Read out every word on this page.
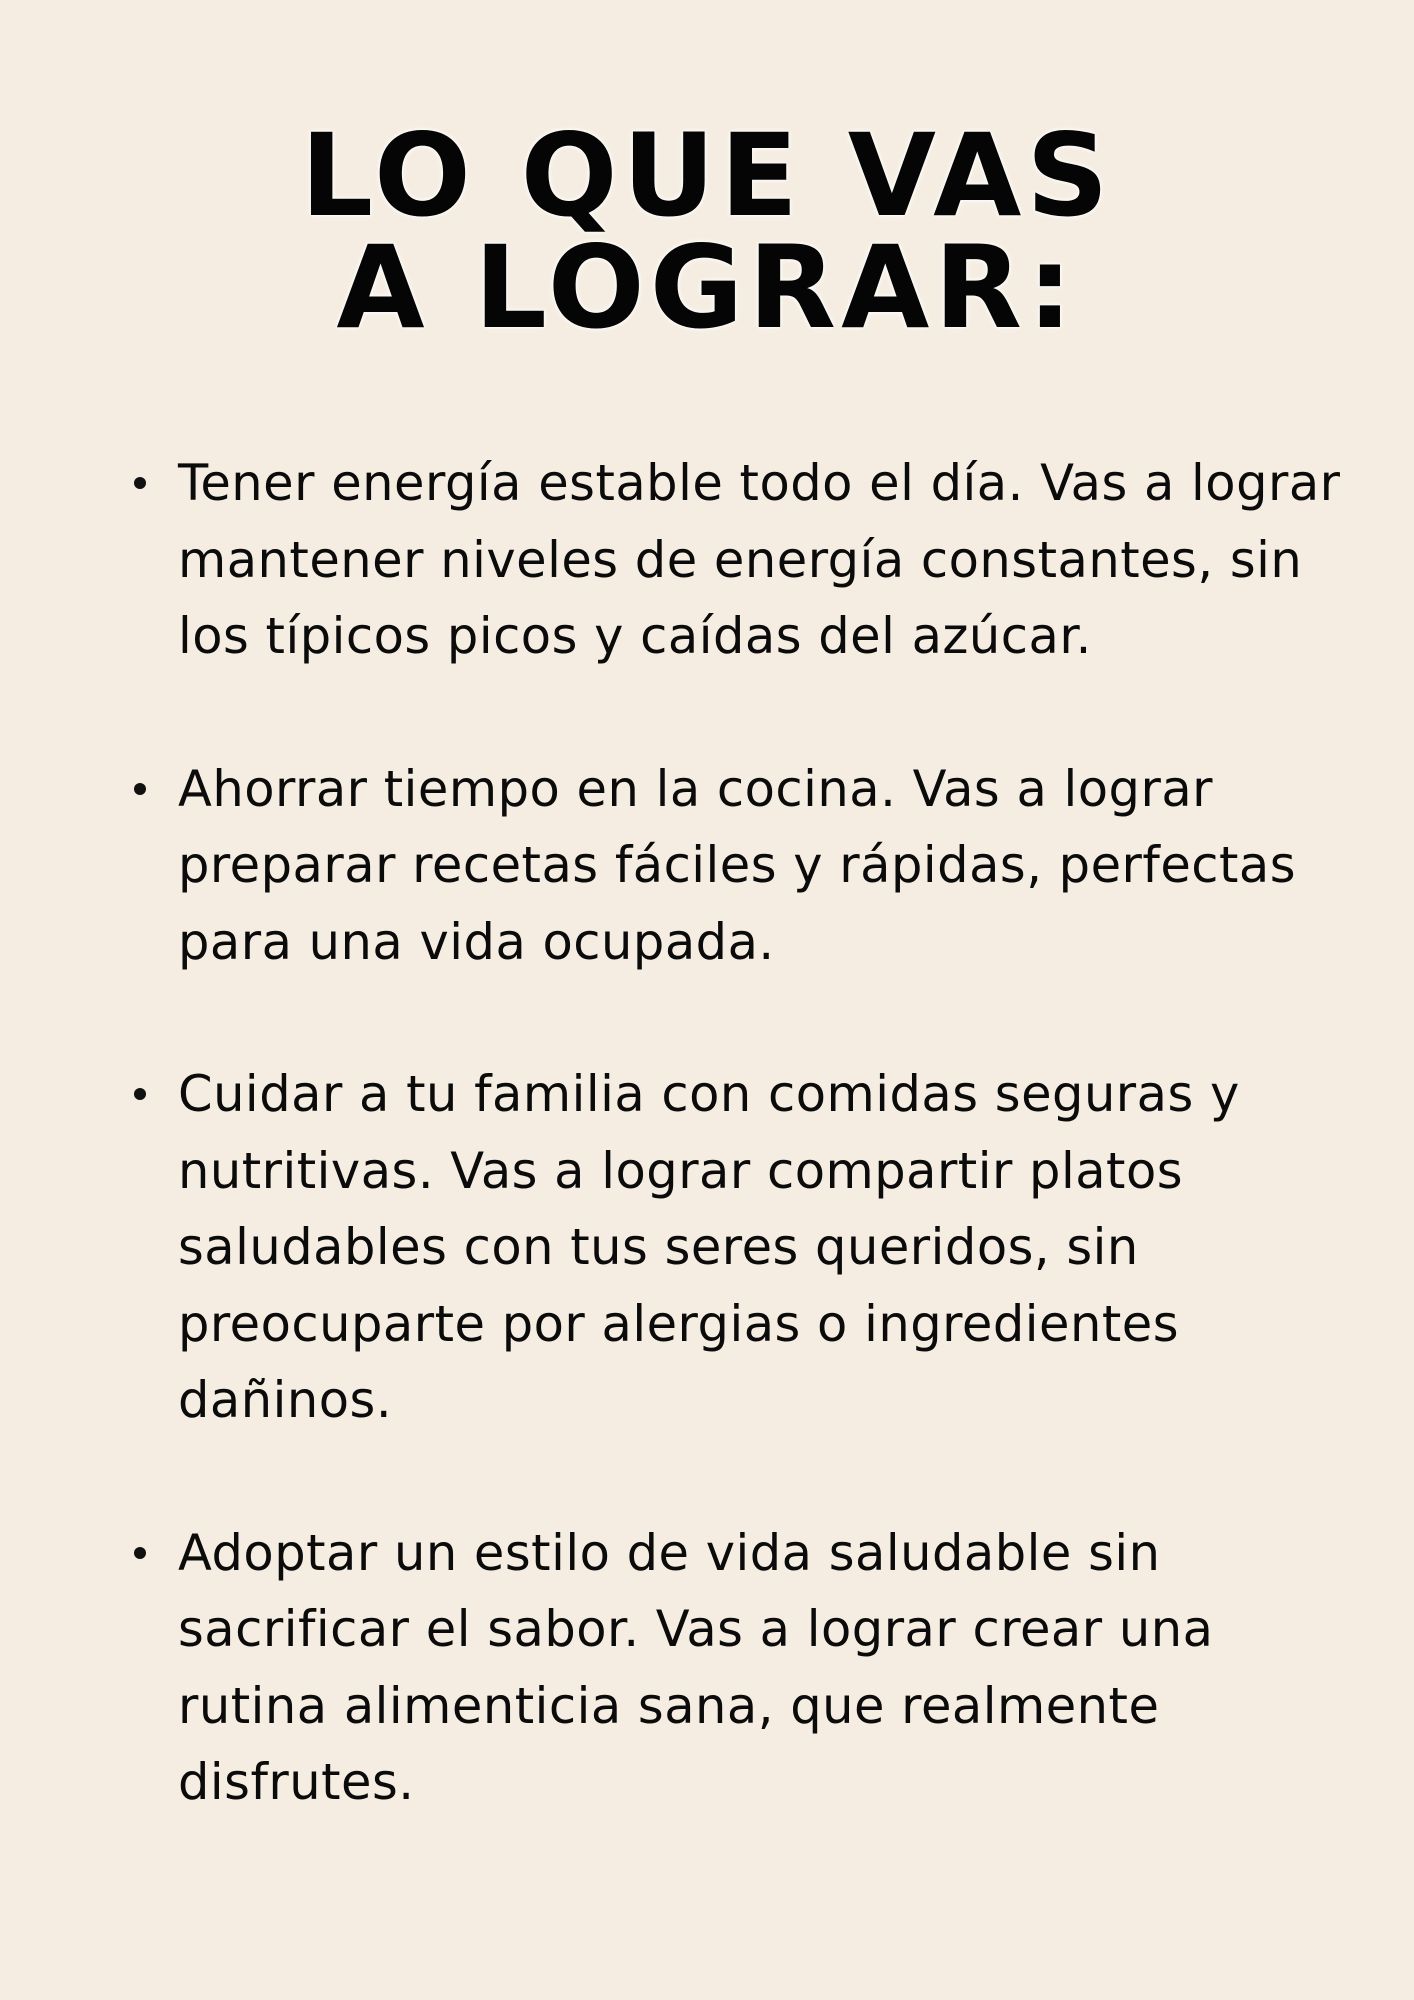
LO QUE VAS
A LOGRAR:
Tener energía estable todo el día. Vas a lograr mantener niveles de energía constantes, sin los típicos picos y caídas del azúcar.
Ahorrar tiempo en la cocina. Vas a lograr preparar recetas fáciles y rápidas, perfectas para una vida ocupada.
Cuidar a tu familia con comidas seguras y nutritivas. Vas a lograr compartir platos saludables con tus seres queridos, sin preocuparte por alergias o ingredientes dañinos.
Adoptar un estilo de vida saludable sin sacrificar el sabor. Vas a lograr crear una rutina alimenticia sana, que realmente disfrutes.
